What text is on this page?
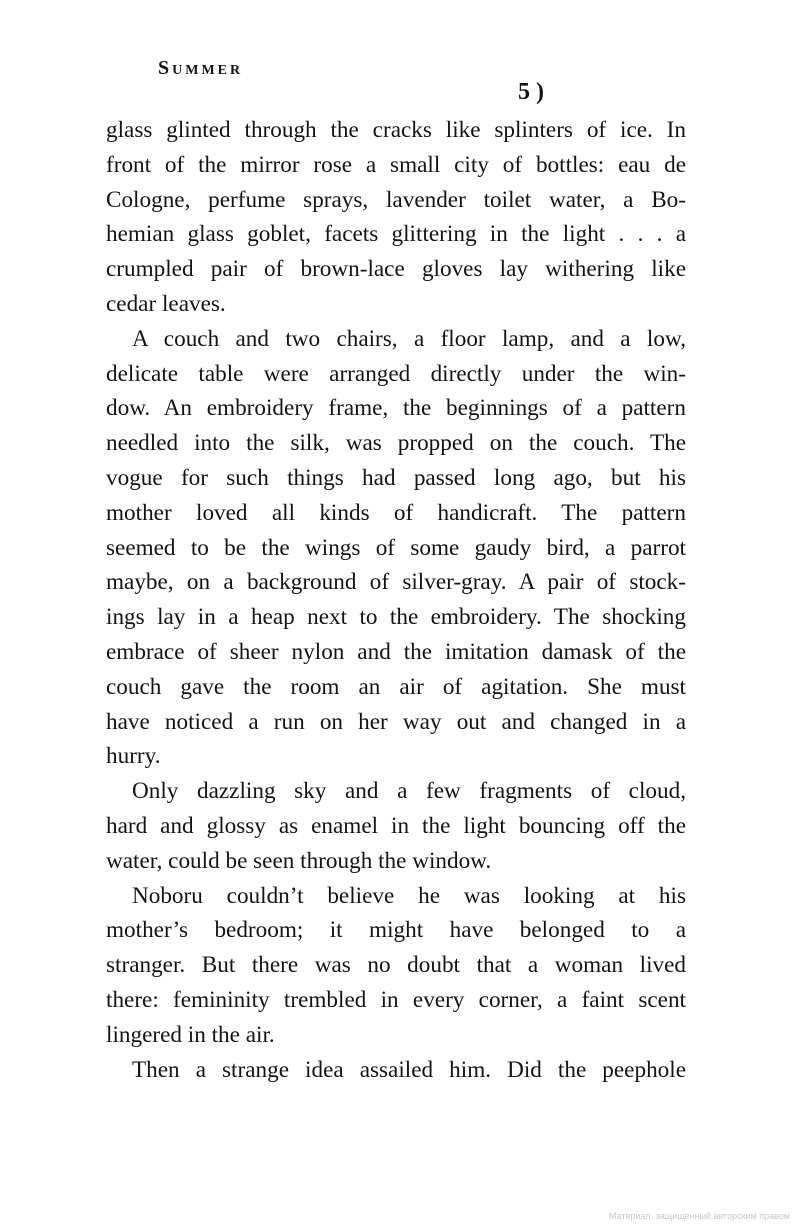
Summer

5 )

glass glinted through the cracks like splinters of ice. In
front of the mirror rose a small city of bottles: eau de
Cologne, perfume sprays, lavender toilet water, a Bo-
hemian glass goblet, facets glittering in the light . . . a
crumpled pair of brown-lace gloves lay withering like
cedar leaves.
A couch and two chairs, a floor lamp, and a low,
delicate table were arranged directly under the win-
dow. An embroidery frame, the beginnings of a pattern
needled into the silk, was propped on the couch. The
vogue for such things had passed long ago, but his
mother loved all kinds of handicraft. The pattern
seemed to be the wings of some gaudy bird, a parrot
maybe, on a background of silver-gray. A pair of stock-
ings lay in a heap next to the embroidery. The shocking
embrace of sheer nylon and the imitation damask of the
couch gave the room an air of agitation. She must
have noticed a run on her way out and changed in a
hurry.
Only dazzling sky and a few fragments of cloud,
hard and glossy as enamel in the light bouncing off the
water, could be seen through the window.
Noboru couldn’t believe he was looking at his
mother’s bedroom; it might have belonged to a
stranger. But there was no doubt that a woman lived
there: femininity trembled in every corner, a faint scent
lingered in the air.
Then a strange idea assailed him. Did the peephole

Материал, защищенный авторским правом
